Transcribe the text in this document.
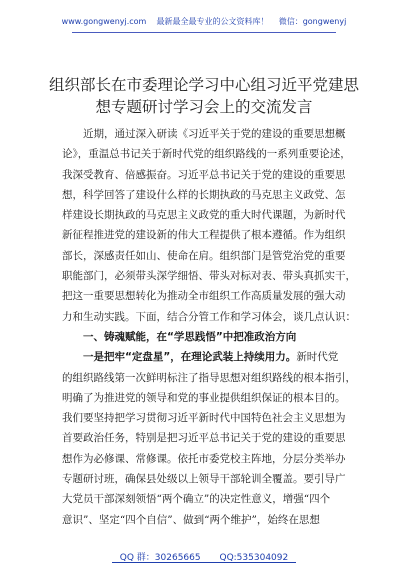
www.gongwenyj.com 最新最全最专业的公文资料库！ 微信：gongwenyj
组织部长在市委理论学习中心组习近平党建思
想专题研讨学习会上的交流发言
近期，通过深入研读《习近平关于党的建设的重要思想概
论》，重温总书记关于新时代党的组织路线的一系列重要论述，
我深受教育、倍感振奋。习近平总书记关于党的建设的重要思
想，科学回答了建设什么样的长期执政的马克思主义政党、怎
样建设长期执政的马克思主义政党的重大时代课题，为新时代
新征程推进党的建设新的伟大工程提供了根本遵循。作为组织
部长，深感责任如山、使命在肩。组织部门是管党治党的重要
职能部门，必须带头深学细悟、带头对标对表、带头真抓实干，
把这一重要思想转化为推动全市组织工作高质量发展的强大动
力和生动实践。下面，结合分管工作和学习体会，谈几点认识：
一、铸魂赋能，在“学思践悟”中把准政治方向
一是把牢“定盘星”，在理论武装上持续用力。新时代党
的组织路线第一次鲜明标注了指导思想对组织路线的根本指引，
明确了为推进党的领导和党的事业提供组织保证的根本目的。
我们要坚持把学习贯彻习近平新时代中国特色社会主义思想为
首要政治任务，特别是把习近平总书记关于党的建设的重要思
想作为必修课、常修课。依托市委党校主阵地，分层分类举办
专题研讨班，确保县处级以上领导干部轮训全覆盖。要引导广
大党员干部深刻领悟“两个确立”的决定性意义，增强“四个
意识”、坚定“四个自信”、做到“两个维护”，始终在思想
QQ 群：30265665 QQ:535304092
